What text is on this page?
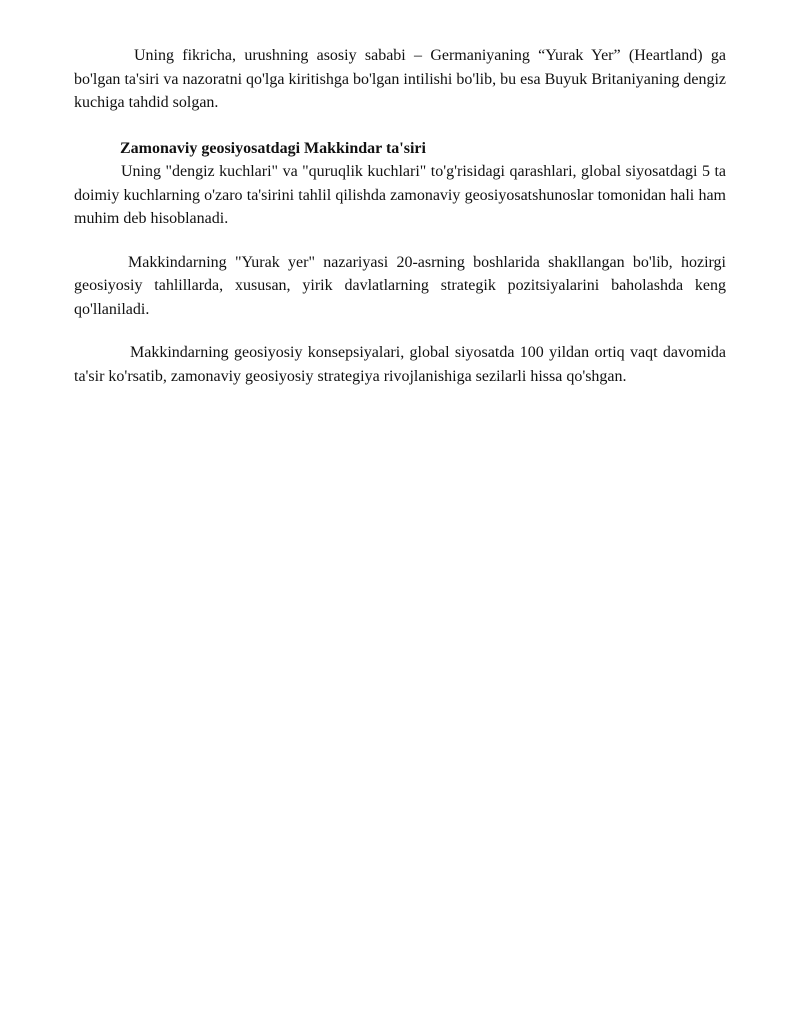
Uning fikricha, urushning asosiy sababi – Germaniyaning “Yurak Yer” (Heartland) ga bo'lgan ta'siri va nazoratni qo'lga kiritishga bo'lgan intilishi bo'lib, bu esa Buyuk Britaniyaning dengiz kuchiga tahdid solgan.

Zamonaviy geosiyosatdagi Makkindar ta'siri

Uning "dengiz kuchlari" va "quruqlik kuchlari" to'g'risidagi qarashlari, global siyosatdagi 5 ta doimiy kuchlarning o'zaro ta'sirini tahlil qilishda zamonaviy geosiyosatshunoslar tomonidan hali ham muhim deb hisoblanadi.

Makkindarning "Yurak yer" nazariyasi 20-asrning boshlarida shakllangan bo'lib, hozirgi geosiyosiy tahlillarda, xususan, yirik davlatlarning strategik pozitsiyalarini baholashda keng qo'llaniladi.

Makkindarning geosiyosiy konsepsiyalari, global siyosatda 100 yildan ortiq vaqt davomida ta'sir ko'rsatib, zamonaviy geosiyosiy strategiya rivojlanishiga sezilarli hissa qo'shgan.
